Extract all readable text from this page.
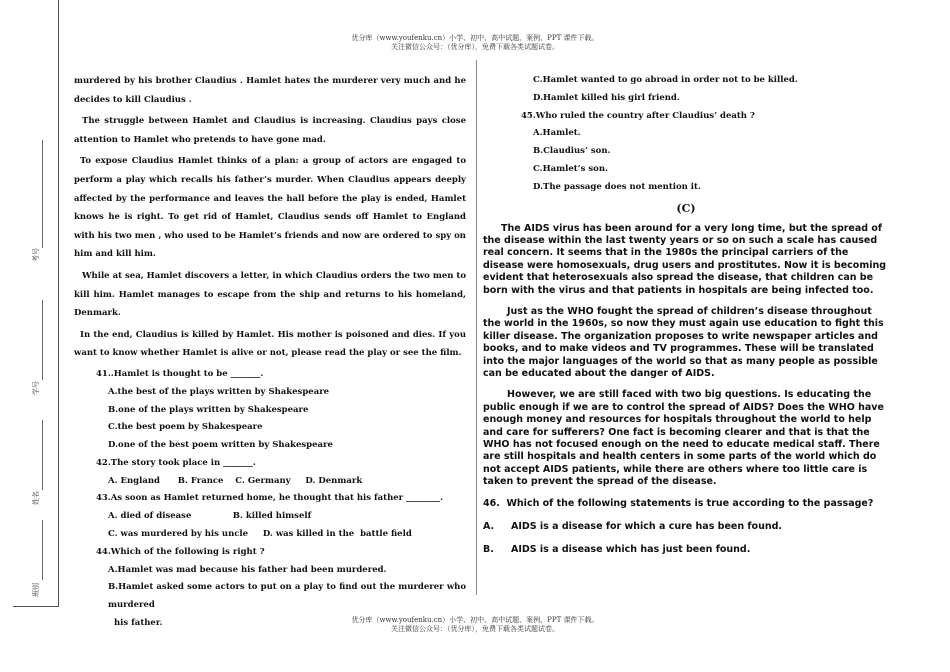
优分库（www.youfenku.cn）小学、初中、高中试题、案例、PPT 课件下载。
关注微信公众号：（优分库），免费下载各类试题试卷。
考号
学号
姓名
班别

murdered by his brother Claudius . Hamlet hates the murderer very much and he decides to kill Claudius .

The struggle between Hamlet and Claudius is increasing. Claudius pays close attention to Hamlet who pretends to have gone mad.

To expose Claudius Hamlet thinks of a plan: a group of actors are engaged to perform a play which recalls his father’s murder. When Claudius appears deeply affected by the performance and leaves the hall before the play is ended, Hamlet knows he is right. To get rid of Hamlet, Claudius sends off Hamlet to England with his two men , who used to be Hamlet’s friends and now are ordered to spy on him and kill him.

While at sea, Hamlet discovers a letter, in which Claudius orders the two men to kill him. Hamlet manages to escape from the ship and returns to his homeland, Denmark.

In the end, Claudius is killed by Hamlet. His mother is poisoned and dies. If you want to know whether Hamlet is alive or not, please read the play or see the film.

41..Hamlet is thought to be _______.
A.the best of the plays written by Shakespeare
B.one of the plays written by Shakespeare
C.the best poem by Shakespeare
D.one of the best poem written by Shakespeare
42.The story took place in _______.
A. England      B. France    C. Germany     D. Denmark
43.As soon as Hamlet returned home, he thought that his father ________.
A. died of disease              B. killed himself
C. was murdered by his uncle     D. was killed in the  battle field
44.Which of the following is right ?
A.Hamlet was mad because his father had been murdered.
B.Hamlet asked some actors to put on a play to find out the murderer who murdered
his father.
C.Hamlet wanted to go abroad in order not to be killed.
D.Hamlet killed his girl friend.
45.Who ruled the country after Claudius’ death ?
A.Hamlet.
B.Claudius’ son.
C.Hamlet’s son.
D.The passage does not mention it.
(C)

The AIDS virus has been around for a very long time, but the spread of the disease within the last twenty years or so on such a scale has caused real concern. It seems that in the 1980s the principal carriers of the disease were homosexuals, drug users and prostitutes. Now it is becoming evident that heterosexuals also spread the disease, that children can be born with the virus and that patients in hospitals are being infected too.

Just as the WHO fought the spread of children’s disease throughout the world in the 1960s, so now they must again use education to fight this killer disease. The organization proposes to write newspaper articles and books, and to make videos and TV programmes. These will be translated into the major languages of the world so that as many people as possible can be educated about the danger of AIDS.

However, we are still faced with two big questions. Is educating the public enough if we are to control the spread of AIDS? Does the WHO have enough money and resources for hospitals throughout the world to help and care for sufferers? One fact is becoming clearer and that is that the WHO has not focused enough on the need to educate medical staff. There are still hospitals and health centers in some parts of the world which do not accept AIDS patients, while there are others where too little care is taken to prevent the spread of the disease.

46.  Which of the following statements is true according to the passage?
A.	AIDS is a disease for which a cure has been found.
B.	AIDS is a disease which has just been found.
优分库（www.youfenku.cn）小学、初中、高中试题、案例、PPT 课件下载。
关注微信公众号：（优分库），免费下载各类试题试卷。
